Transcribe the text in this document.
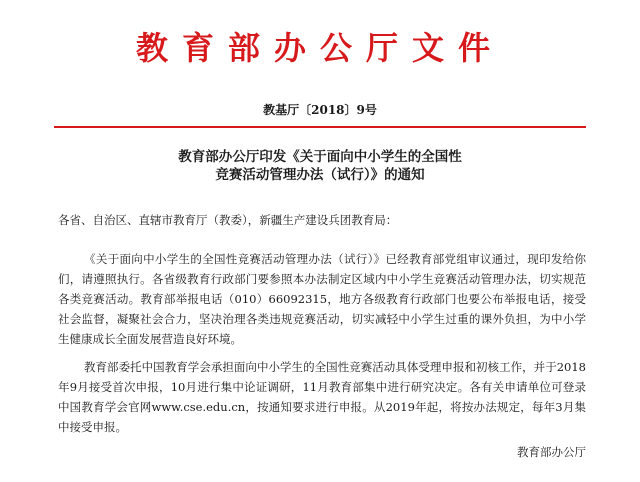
教育部办公厅文件
教基厅〔2018〕9号
教育部办公厅印发《关于面向中小学生的全国性
竞赛活动管理办法（试行）》的通知
各省、自治区、直辖市教育厅（教委），新疆生产建设兵团教育局：
《关于面向中小学生的全国性竞赛活动管理办法（试行）》已经教育部党组审议通过，现印发给你们，请遵照执行。各省级教育行政部门要参照本办法制定区域内中小学生竞赛活动管理办法，切实规范各类竞赛活动。教育部举报电话（010）66092315，地方各级教育行政部门也要公布举报电话，接受社会监督，凝聚社会合力，坚决治理各类违规竞赛活动，切实减轻中小学生过重的课外负担，为中小学生健康成长全面发展营造良好环境。
教育部委托中国教育学会承担面向中小学生的全国性竞赛活动具体受理申报和初核工作，并于2018年9月接受首次申报，10月进行集中论证调研，11月教育部集中进行研究决定。各有关申请单位可登录中国教育学会官网www.cse.edu.cn，按通知要求进行申报。从2019年起，将按办法规定，每年3月集中接受申报。
教育部办公厅
